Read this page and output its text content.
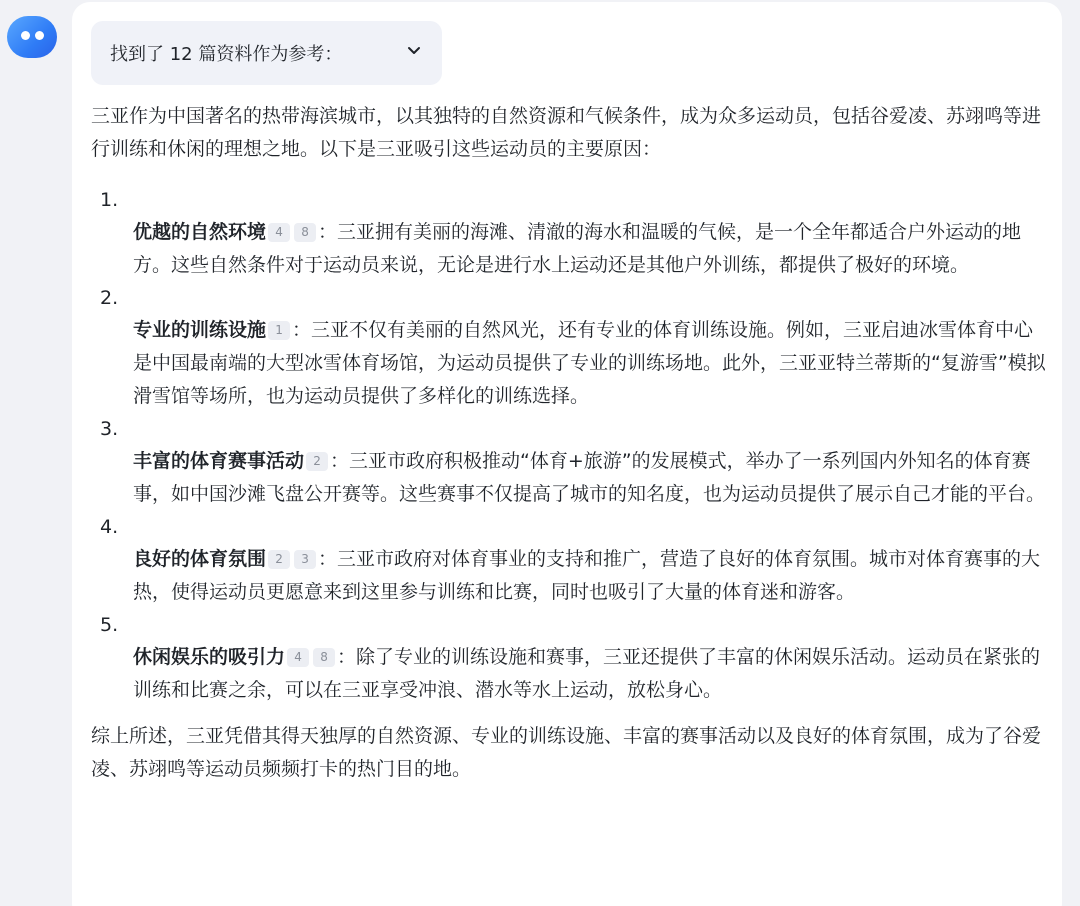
找到了 12 篇资料作为参考：

三亚作为中国著名的热带海滨城市，以其独特的自然资源和气候条件，成为众多运动员，包括谷爱凌、苏翊鸣等进行训练和休闲的理想之地。以下是三亚吸引这些运动员的主要原因：

1.
优越的自然环境 4 8 ：三亚拥有美丽的海滩、清澈的海水和温暖的气候，是一个全年都适合户外运动的地方。这些自然条件对于运动员来说，无论是进行水上运动还是其他户外训练，都提供了极好的环境。
2.
专业的训练设施 1 ：三亚不仅有美丽的自然风光，还有专业的体育训练设施。例如，三亚启迪冰雪体育中心是中国最南端的大型冰雪体育场馆，为运动员提供了专业的训练场地。此外，三亚亚特兰蒂斯的“复游雪”模拟滑雪馆等场所，也为运动员提供了多样化的训练选择。
3.
丰富的体育赛事活动 2 ：三亚市政府积极推动“体育+旅游”的发展模式，举办了一系列国内外知名的体育赛事，如中国沙滩飞盘公开赛等。这些赛事不仅提高了城市的知名度，也为运动员提供了展示自己才能的平台。
4.
良好的体育氛围 2 3 ：三亚市政府对体育事业的支持和推广，营造了良好的体育氛围。城市对体育赛事的大热，使得运动员更愿意来到这里参与训练和比赛，同时也吸引了大量的体育迷和游客。
5.
休闲娱乐的吸引力 4 8 ：除了专业的训练设施和赛事，三亚还提供了丰富的休闲娱乐活动。运动员在紧张的训练和比赛之余，可以在三亚享受冲浪、潜水等水上运动，放松身心。

综上所述，三亚凭借其得天独厚的自然资源、专业的训练设施、丰富的赛事活动以及良好的体育氛围，成为了谷爱凌、苏翊鸣等运动员频频打卡的热门目的地。
